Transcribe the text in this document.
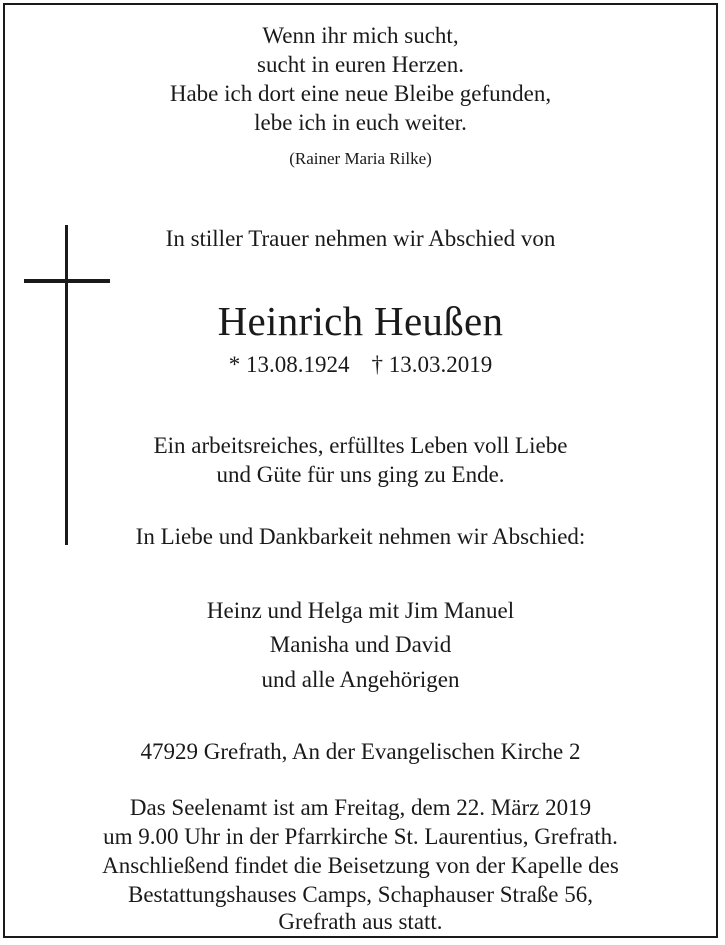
Wenn ihr mich sucht,
sucht in euren Herzen.
Habe ich dort eine neue Bleibe gefunden,
lebe ich in euch weiter.
(Rainer Maria Rilke)
In stiller Trauer nehmen wir Abschied von
Heinrich Heußen
* 13.08.1924 † 13.03.2019
Ein arbeitsreiches, erfülltes Leben voll Liebe
und Güte für uns ging zu Ende.
In Liebe und Dankbarkeit nehmen wir Abschied:
Heinz und Helga mit Jim Manuel
Manisha und David
und alle Angehörigen
47929 Grefrath, An der Evangelischen Kirche 2
Das Seelenamt ist am Freitag, dem 22. März 2019
um 9.00 Uhr in der Pfarrkirche St. Laurentius, Grefrath.
Anschließend findet die Beisetzung von der Kapelle des
Bestattungshauses Camps, Schaphauser Straße 56,
Grefrath aus statt.
